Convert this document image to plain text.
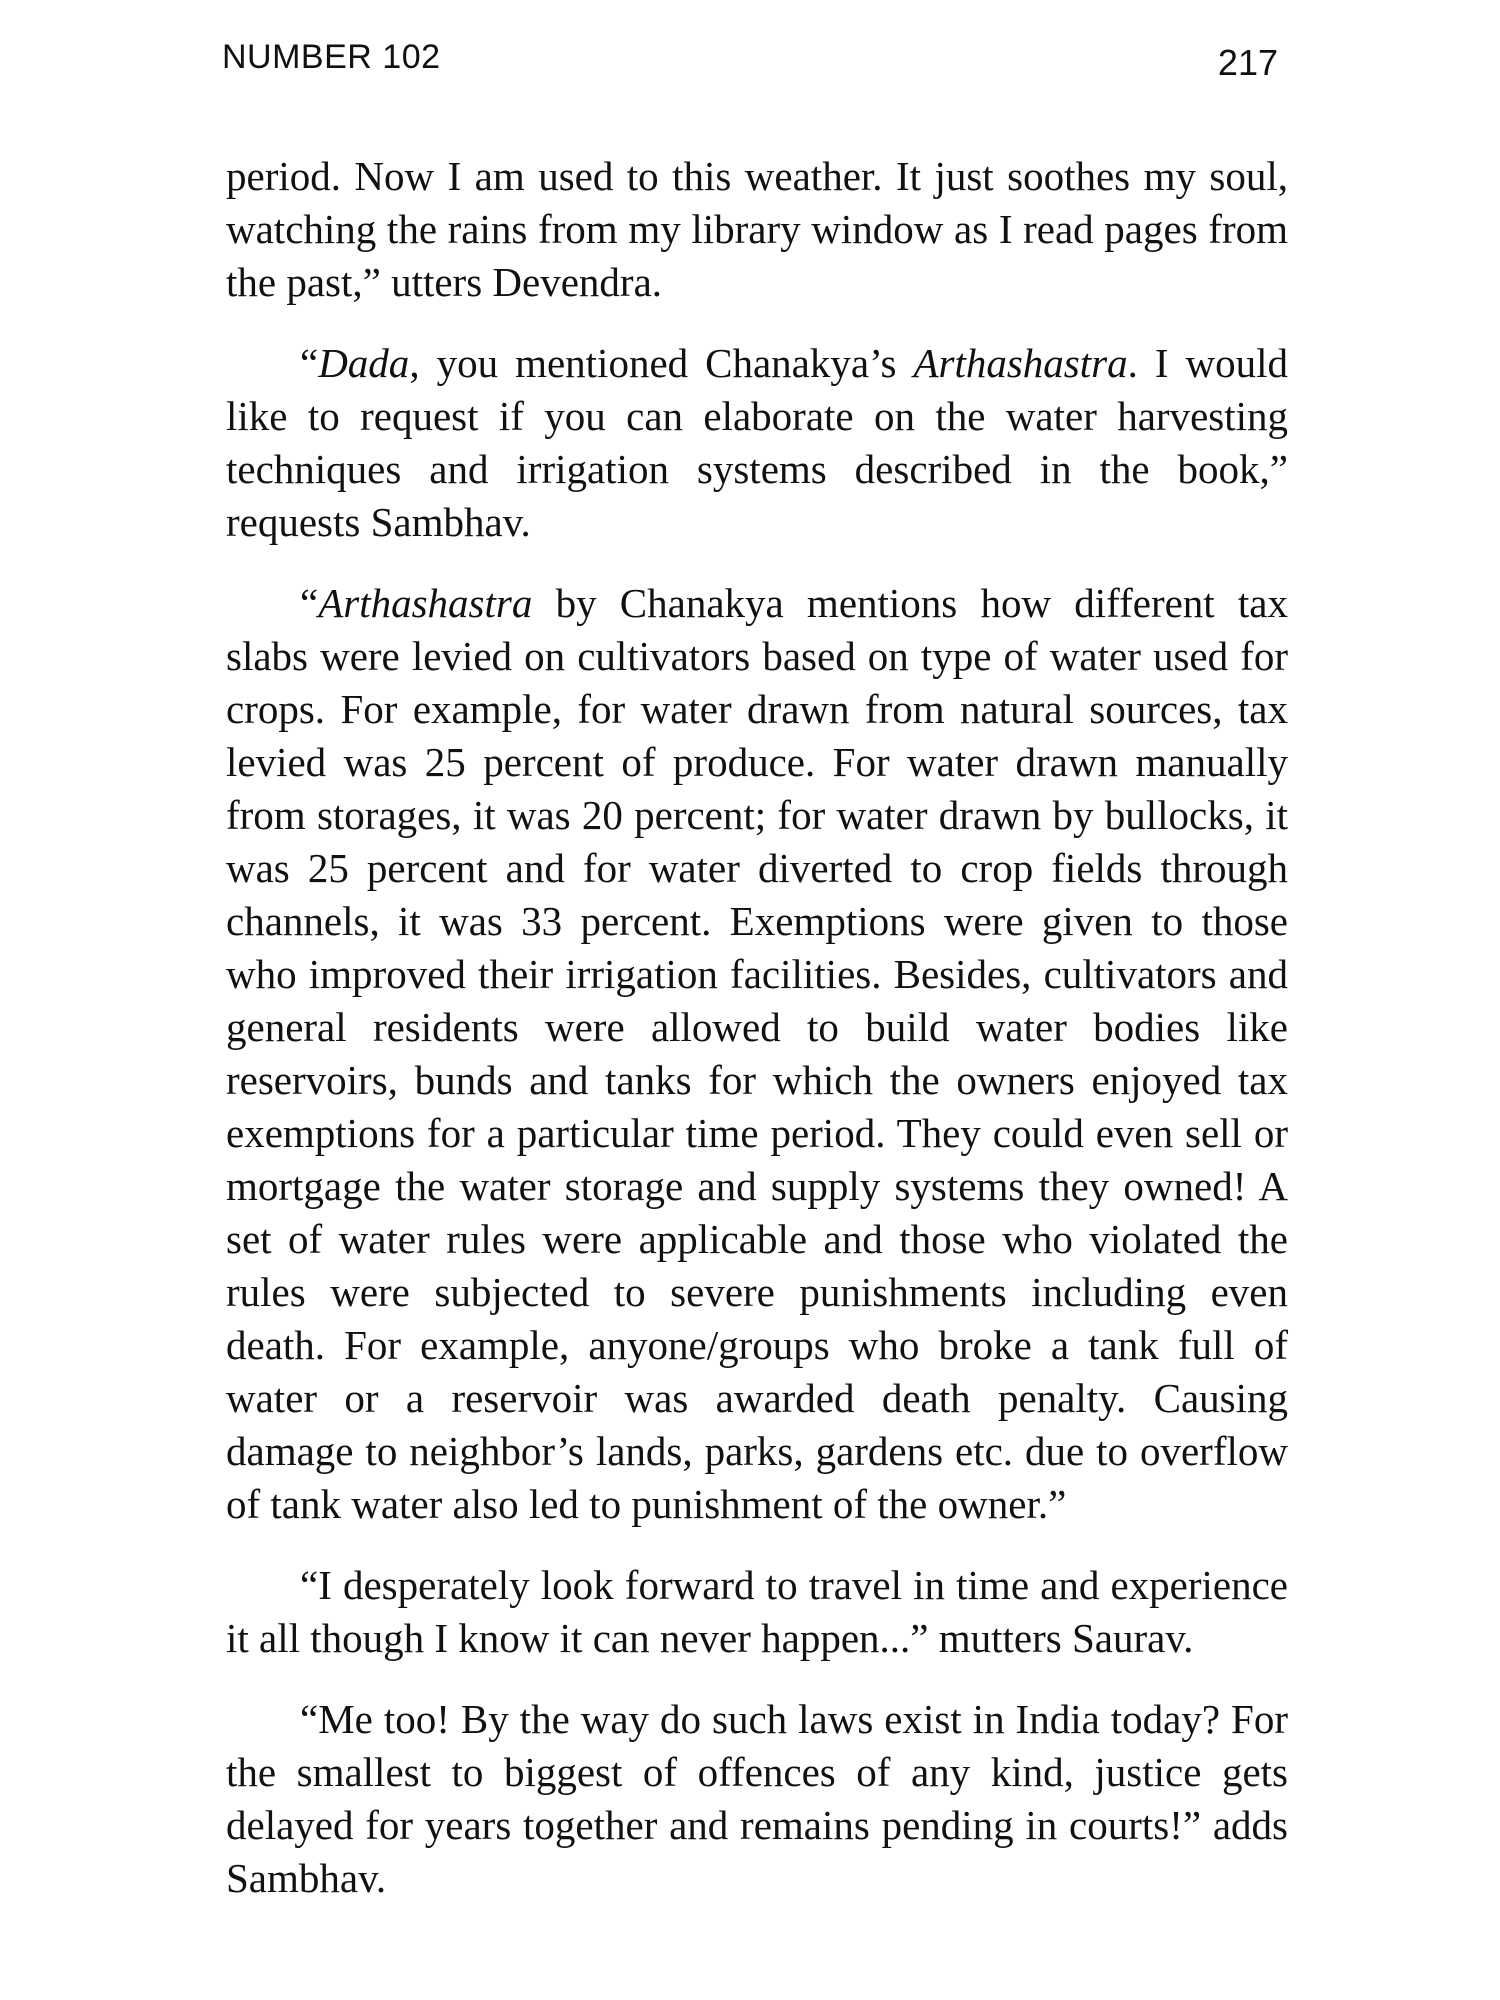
NUMBER 102	217

period. Now I am used to this weather. It just soothes my soul, watching the rains from my library window as I read pages from the past,” utters Devendra.

“Dada, you mentioned Chanakya’s Arthashastra. I would like to request if you can elaborate on the water harvesting techniques and irrigation systems described in the book,” requests Sambhav.

“Arthashastra by Chanakya mentions how different tax slabs were levied on cultivators based on type of water used for crops. For example, for water drawn from natural sources, tax levied was 25 percent of produce. For water drawn manually from storages, it was 20 percent; for water drawn by bullocks, it was 25 percent and for water diverted to crop fields through channels, it was 33 percent. Exemptions were given to those who improved their irrigation facilities. Besides, cultivators and general residents were allowed to build water bodies like reservoirs, bunds and tanks for which the owners enjoyed tax exemptions for a particular time period. They could even sell or mortgage the water storage and supply systems they owned! A set of water rules were applicable and those who violated the rules were subjected to severe punishments including even death. For example, anyone/groups who broke a tank full of water or a reservoir was awarded death penalty. Causing damage to neighbor’s lands, parks, gardens etc. due to overflow of tank water also led to punishment of the owner.”

“I desperately look forward to travel in time and experience it all though I know it can never happen...” mutters Saurav.

“Me too! By the way do such laws exist in India today? For the smallest to biggest of offences of any kind, justice gets delayed for years together and remains pending in courts!” adds Sambhav.
